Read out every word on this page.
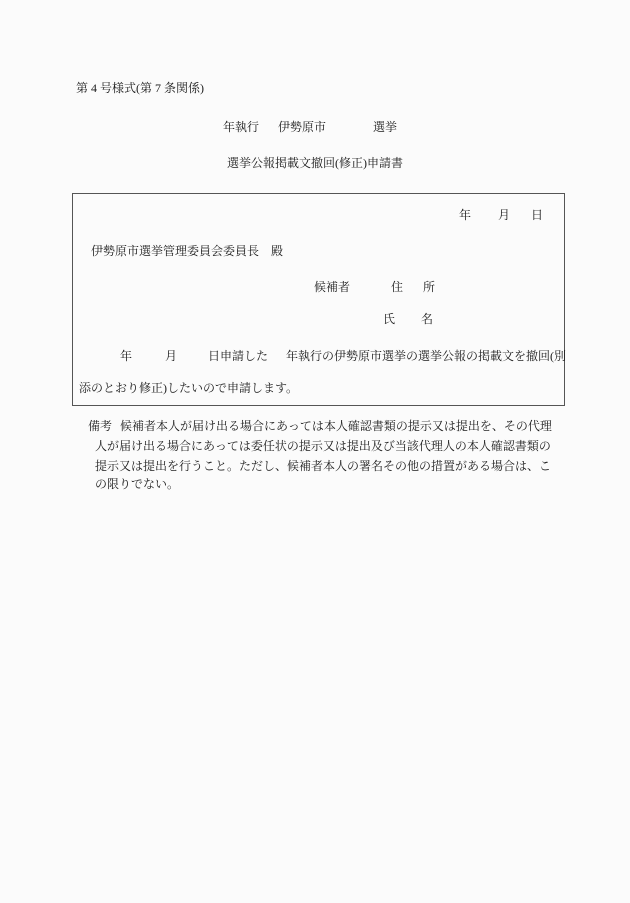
第 4 号様式(第 7 条関係)
年執行 伊勢原市	選挙
選挙公報掲載文撤回(修正)申請書
年 月 日
伊勢原市選挙管理委員会委員長　殿
候補者	住 所
氏 名
年	月	日申請した 年執行の伊勢原市選挙の選挙公報の掲載文を撤回(別
添のとおり修正)したいので申請します。
備考 候補者本人が届け出る場合にあっては本人確認書類の提示又は提出を、その代理
人が届け出る場合にあっては委任状の提示又は提出及び当該代理人の本人確認書類の
提示又は提出を行うこと。ただし、候補者本人の署名その他の措置がある場合は、こ
の限りでない。
